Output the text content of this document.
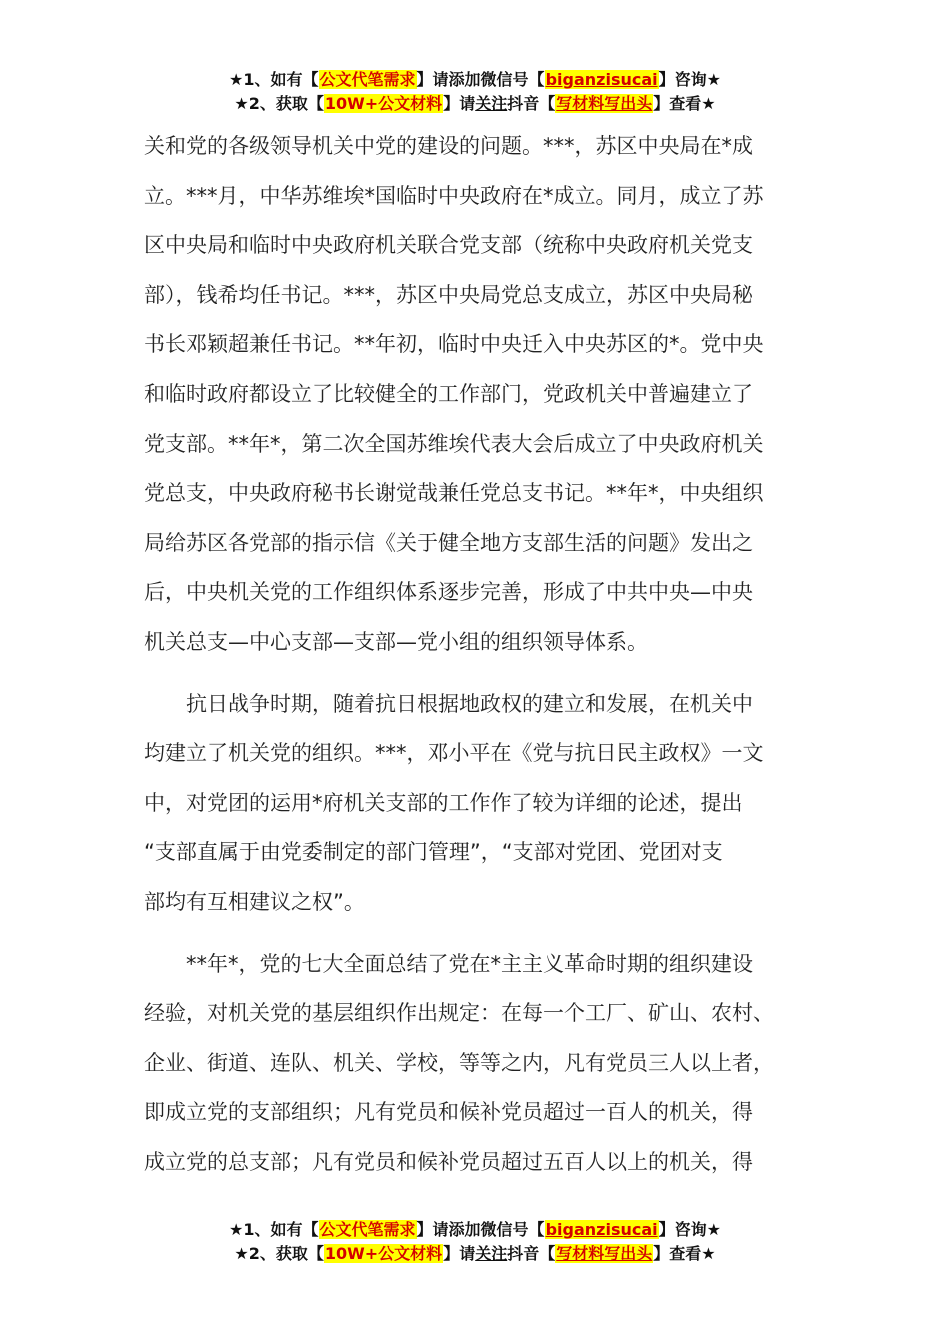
★1、如有【公文代笔需求】请添加微信号【biganzisucai】咨询★
★2、获取【10W+公文材料】请关注抖音【写材料写出头】查看★
关和党的各级领导机关中党的建设的问题。***，苏区中央局在*成
立。***月，中华苏维埃*国临时中央政府在*成立。同月，成立了苏
区中央局和临时中央政府机关联合党支部（统称中央政府机关党支
部），钱希均任书记。***，苏区中央局党总支成立，苏区中央局秘
书长邓颖超兼任书记。**年初，临时中央迁入中央苏区的*。党中央
和临时政府都设立了比较健全的工作部门，党政机关中普遍建立了
党支部。**年*，第二次全国苏维埃代表大会后成立了中央政府机关
党总支，中央政府秘书长谢觉哉兼任党总支书记。**年*，中央组织
局给苏区各党部的指示信《关于健全地方支部生活的问题》发出之
后，中央机关党的工作组织体系逐步完善，形成了中共中央—中央
机关总支—中心支部—支部—党小组的组织领导体系。
抗日战争时期，随着抗日根据地政权的建立和发展，在机关中
均建立了机关党的组织。***，邓小平在《党与抗日民主政权》一文
中，对党团的运用*府机关支部的工作作了较为详细的论述，提出
“支部直属于由党委制定的部门管理”，“支部对党团、党团对支
部均有互相建议之权”。
**年*，党的七大全面总结了党在*主主义革命时期的组织建设
经验，对机关党的基层组织作出规定：在每一个工厂、矿山、农村、
企业、街道、连队、机关、学校，等等之内，凡有党员三人以上者，
即成立党的支部组织；凡有党员和候补党员超过一百人的机关，得
成立党的总支部；凡有党员和候补党员超过五百人以上的机关，得
★1、如有【公文代笔需求】请添加微信号【biganzisucai】咨询★
★2、获取【10W+公文材料】请关注抖音【写材料写出头】查看★
